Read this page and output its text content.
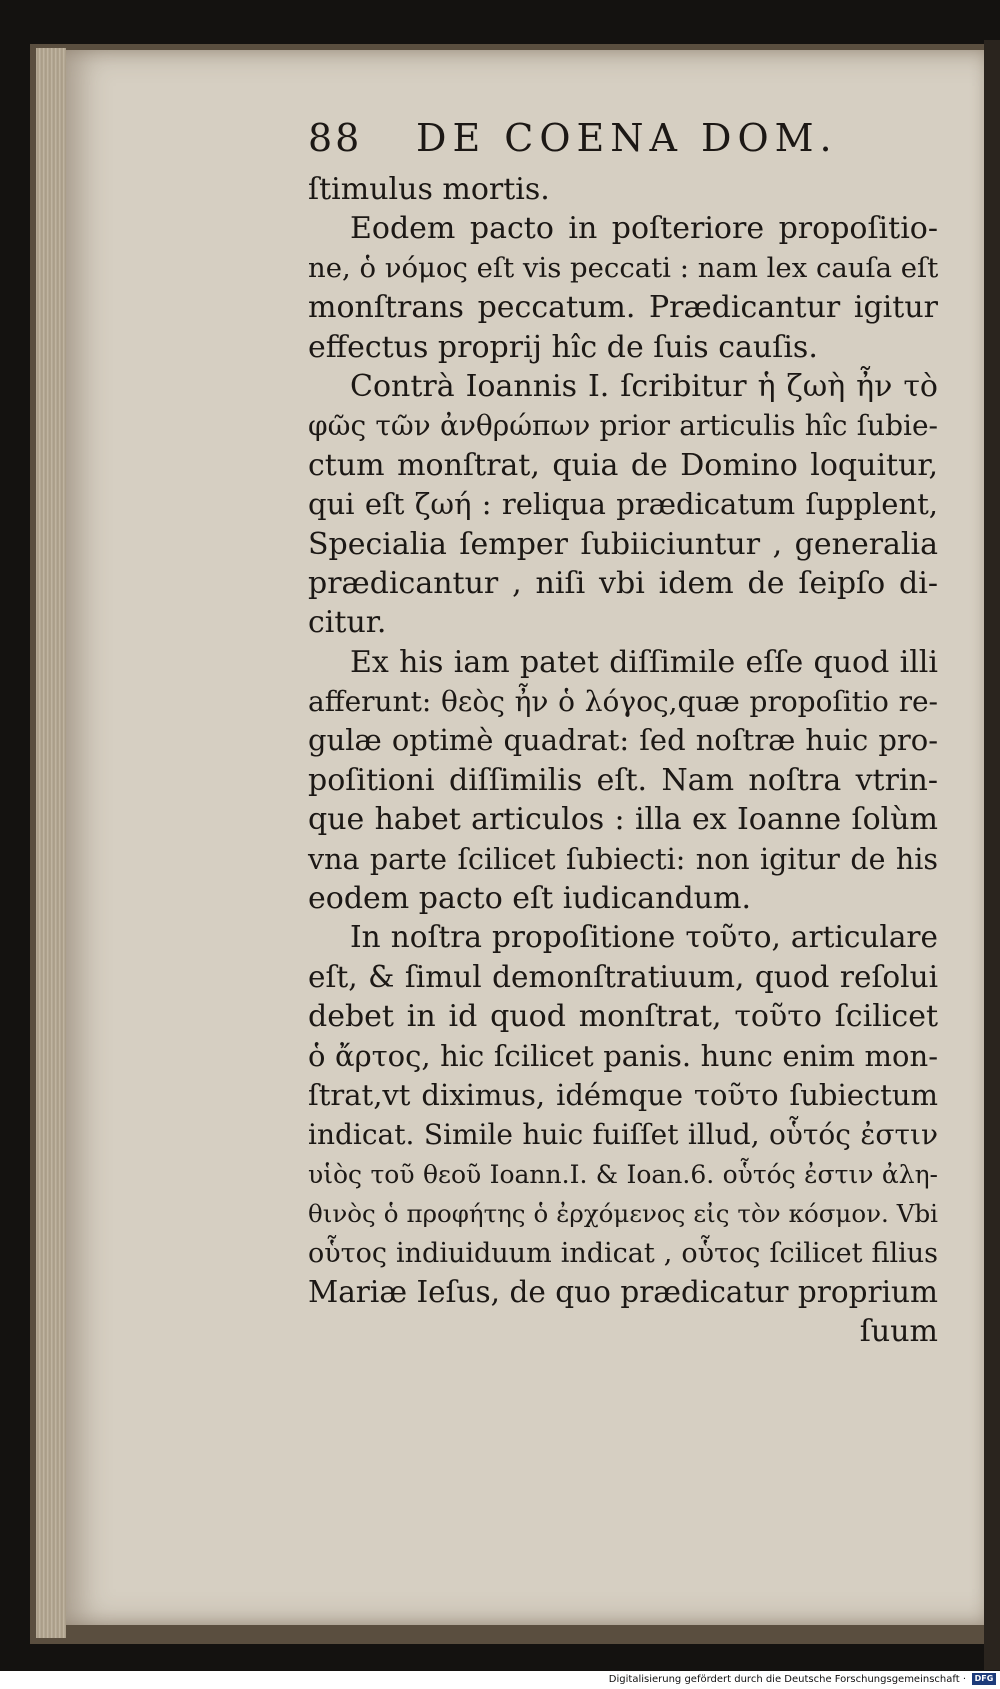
88 DE COENA DOM.
ſtimulus mortis.
Eodem pacto in poſteriore propoſitio-
ne, ὁ νόμος eſt vis peccati : nam lex cauſa eſt
monſtrans peccatum. Prædicantur igitur
effectus proprij hîc de ſuis cauſis.
Contrà Ioannis I. ſcribitur ἡ ζωὴ ἦν τὸ
φῶς τῶν ἀνθρώπων prior articulis hîc ſubie-
ctum monſtrat, quia de Domino loquitur,
qui eſt ζωή : reliqua prædicatum ſupplent,
Specialia ſemper ſubiiciuntur , generalia
prædicantur , niſi vbi idem de ſeipſo di-
citur.
Ex his iam patet diſſimile eſſe quod illi
afferunt: θεὸς ἦν ὁ λόγος,quæ propoſitio re-
gulæ optimè quadrat: ſed noſtræ huic pro-
poſitioni diſſimilis eſt. Nam noſtra vtrin-
que habet articulos : illa ex Ioanne ſolùm
vna parte ſcilicet ſubiecti: non igitur de his
eodem pacto eſt iudicandum.
In noſtra propoſitione τοῦτο, articulare
eſt, & ſimul demonſtratiuum, quod reſolui
debet in id quod monſtrat, τοῦτο ſcilicet
ὁ ἄρτος, hic ſcilicet panis. hunc enim mon-
ſtrat,vt diximus, idémque τοῦτο ſubiectum
indicat. Simile huic fuiſſet illud, οὗτός ἐστιν
υἱὸς τοῦ θεοῦ Ioann.I. & Ioan.6. οὗτός ἐστιν ἀλη-
θινὸς ὁ προφήτης ὁ ἐρχόμενος εἰς τὸν κόσμον. Vbi
οὗτος indiuiduum indicat , οὗτος ſcilicet filius
Mariæ Ieſus, de quo prædicatur proprium
ſuum
Digitalisierung gefördert durch die Deutsche Forschungsgemeinschaft · DFG
